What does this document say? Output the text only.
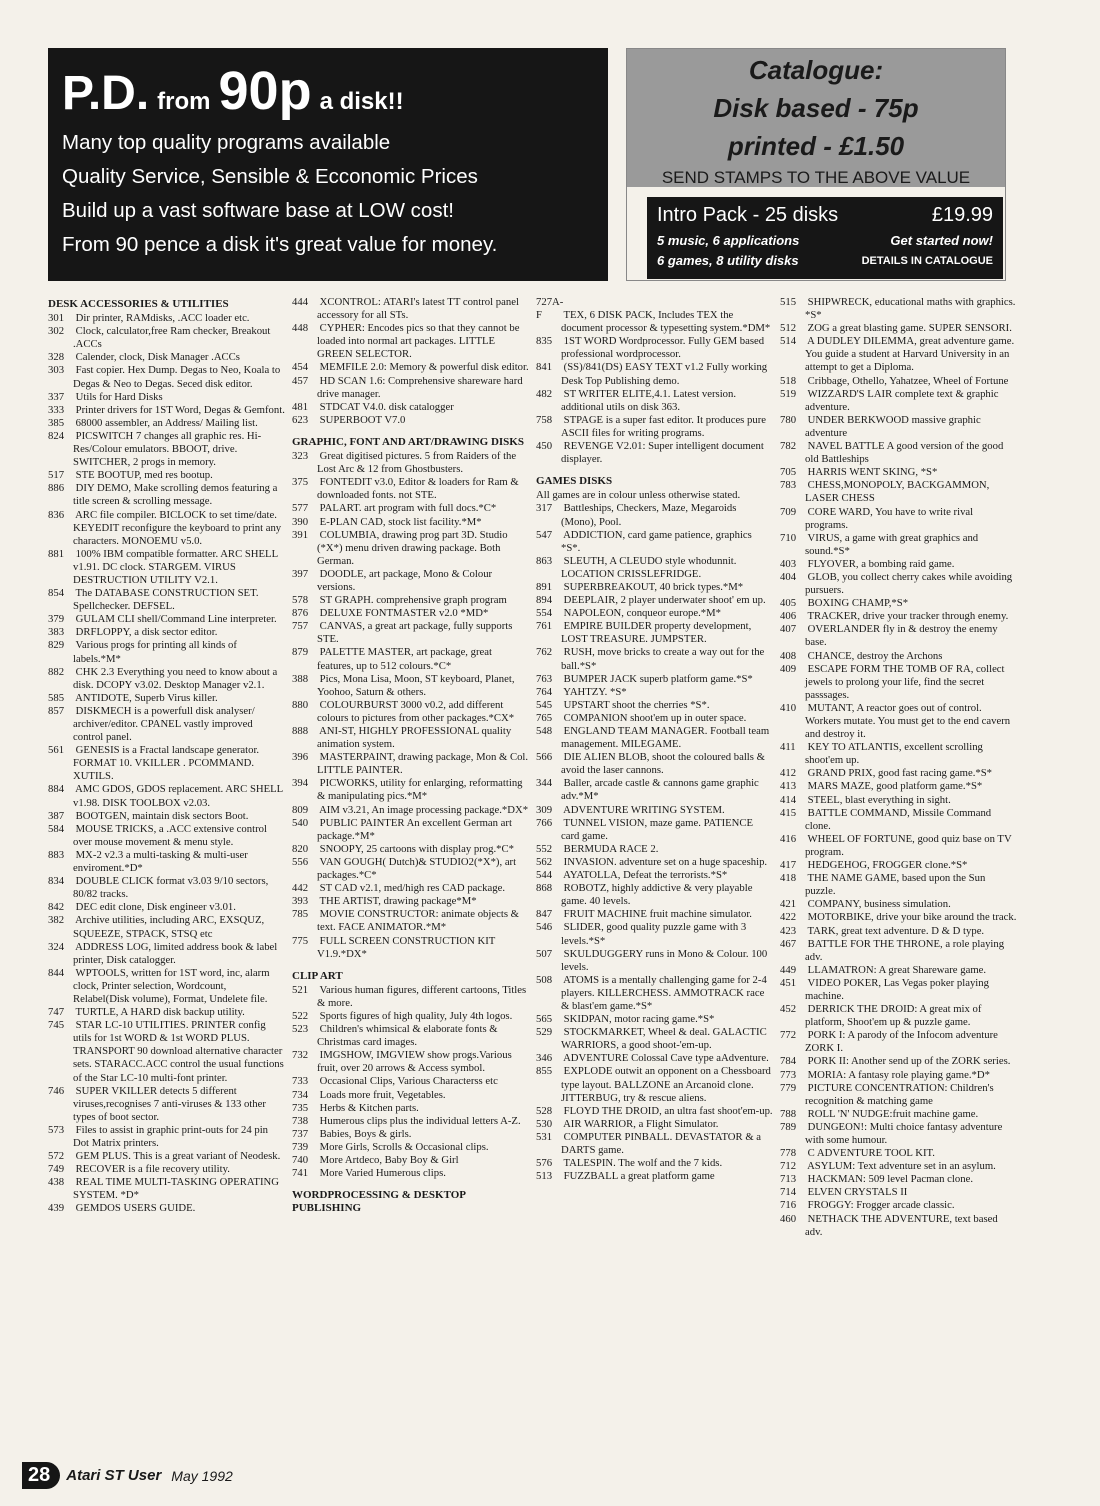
P.D. from 90p a disk!!
Many top quality programs available
Quality Service, Sensible & Ecconomic Prices
Build up a vast software base at LOW cost!
From 90 pence a disk it's great value for money.
Catalogue:
Disk based - 75p
printed - £1.50
SEND STAMPS TO THE ABOVE VALUE
Intro Pack - 25 disks	£19.99
5 music, 6 applications	Get started now!
6 games, 8 utility disks	DETAILS IN CATALOGUE
DESK ACCESSORIES & UTILITIES
301 Dir printer, RAMdisks, .ACC loader etc.
302 Clock, calculator,free Ram checker, Breakout .ACCs
328 Calender, clock, Disk Manager .ACCs
303 Fast copier. Hex Dump. Degas to Neo, Koala to Degas & Neo to Degas. Seced disk editor.
337 Utils for Hard Disks
333 Printer drivers for 1ST Word, Degas & Gemfont.
385 68000 assembler, an Address/ Mailing list.
824 PICSWITCH 7 changes all graphic res. Hi-Res/Colour emulators. BBOOT, drive. SWITCHER, 2 progs in memory.
517 STE BOOTUP, med res bootup.
886 DIY DEMO, Make scrolling demos featuring a title screen & scrolling message.
836 ARC file compiler. BICLOCK to set time/date. KEYEDIT reconfigure the keyboard to print any characters. MONOEMU v5.0.
881 100% IBM compatible formatter. ARC SHELL v1.91. DC clock. STARGEM. VIRUS DESTRUCTION UTILITY V2.1.
854 The DATABASE CONSTRUCTION SET. Spellchecker. DEFSEL.
379 GULAM CLI shell/Command Line interpreter.
383 DRFLOPPY, a disk sector editor.
829 Various progs for printing all kinds of labels.*M*
882 CHK 2.3 Everything you need to know about a disk. DCOPY v3.02. Desktop Manager v2.1.
585 ANTIDOTE, Superb Virus killer.
857 DISKMECH is a powerfull disk analyser/ archiver/editor. CPANEL vastly improved control panel.
561 GENESIS is a Fractal landscape generator. FORMAT 10. VKILLER . PCOMMAND. XUTILS.
884 AMC GDOS, GDOS replacement. ARC SHELL v1.98. DISK TOOLBOX v2.03.
387 BOOTGEN, maintain disk sectors Boot.
584 MOUSE TRICKS, a .ACC extensive control over mouse movement & menu style.
883 MX-2 v2.3 a multi-tasking & multi-user enviroment.*D*
834 DOUBLE CLICK format v3.03 9/10 sectors, 80/82 tracks.
842 DEC edit clone, Disk engineer v3.01.
382 Archive utilities, including ARC, EXSQUZ, SQUEEZE, STPACK, STSQ etc
324 ADDRESS LOG, limited address book & label printer, Disk catalogger.
844 WPTOOLS, written for 1ST word, inc, alarm clock, Printer selection, Wordcount, Relabel(Disk volume), Format, Undelete file.
747 TURTLE, A HARD disk backup utility.
745 STAR LC-10 UTILITIES. PRINTER config utils for 1st WORD & 1st WORD PLUS. TRANSPORT 90 download alternative character sets. STARACC.ACC control the usual functions of the Star LC-10 multi-font printer.
746 SUPER VKILLER detects 5 different viruses,recognises 7 anti-viruses & 133 other types of boot sector.
573 Files to assist in graphic print-outs for 24 pin Dot Matrix printers.
572 GEM PLUS. This is a great variant of Neodesk.
749 RECOVER is a file recovery utility.
438 REAL TIME MULTI-TASKING OPERATING SYSTEM. *D*
439 GEMDOS USERS GUIDE.
444 XCONTROL: ATARI's latest TT control panel accessory for all STs.
448 CYPHER: Encodes pics so that they cannot be loaded into normal art packages. LITTLE GREEN SELECTOR.
454 MEMFILE 2.0: Memory & powerful disk editor.
457 HD SCAN 1.6: Comprehensive shareware hard drive manager.
481 STDCAT V4.0. disk catalogger
623 SUPERBOOT V7.0
GRAPHIC, FONT AND ART/DRAWING DISKS
323 Great digitised pictures. 5 from Raiders of the Lost Arc & 12 from Ghostbusters.
375 FONTEDIT v3.0, Editor & loaders for Ram & downloaded fonts. not STE.
577 PALART. art program with full docs.*C*
390 E-PLAN CAD, stock list facility.*M*
391 COLUMBIA, drawing prog part 3D. Studio (*X*) menu driven drawing package. Both German.
397 DOODLE, art package, Mono & Colour versions.
578 ST GRAPH. comprehensive graph program
876 DELUXE FONTMASTER v2.0 *MD*
757 CANVAS, a great art package, fully supports STE.
879 PALETTE MASTER, art package, great features, up to 512 colours.*C*
388 Pics, Mona Lisa, Moon, ST keyboard, Planet, Yoohoo, Saturn & others.
880 COLOURBURST 3000 v0.2, add different colours to pictures from other packages.*CX*
888 ANI-ST, HIGHLY PROFESSIONAL quality animation system.
396 MASTERPAINT, drawing package, Mon & Col. LITTLE PAINTER.
394 PICWORKS, utility for enlarging, reformatting & manipulating pics.*M*
809 AIM v3.21, An image processing package.*DX*
540 PUBLIC PAINTER An excellent German art package.*M*
820 SNOOPY, 25 cartoons with display prog.*C*
556 VAN GOUGH( Dutch)& STUDIO2(*X*), art packages.*C*
442 ST CAD v2.1, med/high res CAD package.
393 THE ARTIST, drawing package*M*
785 MOVIE CONSTRUCTOR: animate objects & text. FACE ANIMATOR.*M*
775 FULL SCREEN CONSTRUCTION KIT V1.9.*DX*
CLIP ART
521 Various human figures, different cartoons, Titles & more.
522 Sports figures of high quality, July 4th logos.
523 Children's whimsical & elaborate fonts & Christmas card images.
732 IMGSHOW, IMGVIEW show progs.Various fruit, over 20 arrows & Access symbol.
733 Occasional Clips, Various Characterss etc
734 Loads more fruit, Vegetables.
735 Herbs & Kitchen parts.
738 Humerous clips plus the individual letters A-Z.
737 Babies, Boys & girls.
739 More Girls, Scrolls & Occasional clips.
740 More Artdeco, Baby Boy & Girl
741 More Varied Humerous clips.
WORDPROCESSING & DESKTOP PUBLISHING
727A-F TEX, 6 DISK PACK, Includes TEX the document processor & typesetting system.*DM*
835 1ST WORD Wordprocessor. Fully GEM based professional wordprocessor.
841 (SS)/841(DS) EASY TEXT v1.2 Fully working Desk Top Publishing demo.
482 ST WRITER ELITE,4.1. Latest version. additional utils on disk 363.
758 STPAGE is a super fast editor. It produces pure ASCII files for writing programs.
450 REVENGE V2.01: Super intelligent document displayer.
GAMES DISKS
All games are in colour unless otherwise stated.
317 Battleships, Checkers, Maze, Megaroids (Mono), Pool.
547 ADDICTION, card game patience, graphics *S*.
863 SLEUTH, A CLEUDO style whodunnit. LOCATION CRISSLEFRIDGE.
891 SUPERBREAKOUT, 40 brick types.*M*
894 DEEPLAIR, 2 player underwater shoot' em up.
554 NAPOLEON, conqueor europe.*M*
761 EMPIRE BUILDER property development, LOST TREASURE. JUMPSTER.
762 RUSH, move bricks to create a way out for the ball.*S*
763 BUMPER JACK superb platform game.*S*
764 YAHTZY. *S*
545 UPSTART shoot the cherries *S*.
765 COMPANION shoot'em up in outer space.
548 ENGLAND TEAM MANAGER. Football team management. MILEGAME.
566 DIE ALIEN BLOB, shoot the coloured balls & avoid the laser cannons.
344 Baller, arcade castle & cannons game graphic adv.*M*
309 ADVENTURE WRITING SYSTEM.
766 TUNNEL VISION, maze game. PATIENCE card game.
552 BERMUDA RACE 2.
562 INVASION. adventure set on a huge spaceship.
544 AYATOLLA, Defeat the terrorists.*S*
868 ROBOTZ, highly addictive & very playable game. 40 levels.
847 FRUIT MACHINE fruit machine simulator.
546 SLIDER, good quality puzzle game with 3 levels.*S*
507 SKULDUGGERY runs in Mono & Colour. 100 levels.
508 ATOMS is a mentally challenging game for 2-4 players. KILLERCHESS. AMMOTRACK race & blast'em game.*S*
565 SKIDPAN, motor racing game.*S*
529 STOCKMARKET, Wheel & deal. GALACTIC WARRIORS, a good shoot-'em-up.
346 ADVENTURE Colossal Cave type aAdventure.
855 EXPLODE outwit an opponent on a Chessboard type layout. BALLZONE an Arcanoid clone. JITTERBUG, try & rescue aliens.
528 FLOYD THE DROID, an ultra fast shoot'em-up.
530 AIR WARRIOR, a Flight Simulator.
531 COMPUTER PINBALL. DEVASTATOR & a DARTS game.
576 TALESPIN. The wolf and the 7 kids.
513 FUZZBALL a great platform game
515 SHIPWRECK, educational maths with graphics. *S*
512 ZOG a great blasting game. SUPER SENSORI.
514 A DUDLEY DILEMMA, great adventure game. You guide a student at Harvard University in an attempt to get a Diploma.
518 Cribbage, Othello, Yahatzee, Wheel of Fortune
519 WIZZARD'S LAIR complete text & graphic adventure.
780 UNDER BERKWOOD massive graphic adventure
782 NAVEL BATTLE A good version of the good old Battleships
705 HARRIS WENT SKING, *S*
783 CHESS,MONOPOLY, BACKGAMMON, LASER CHESS
709 CORE WARD, You have to write rival programs.
710 VIRUS, a game with great graphics and sound.*S*
403 FLYOVER, a bombing raid game.
404 GLOB, you collect cherry cakes while avoiding pursuers.
405 BOXING CHAMP,*S*
406 TRACKER, drive your tracker through enemy.
407 OVERLANDER fly in & destroy the enemy base.
408 CHANCE, destroy the Archons
409 ESCAPE FORM THE TOMB OF RA, collect jewels to prolong your life, find the secret passsages.
410 MUTANT, A reactor goes out of control. Workers mutate. You must get to the end cavern and destroy it.
411 KEY TO ATLANTIS, excellent scrolling shoot'em up.
412 GRAND PRIX, good fast racing game.*S*
413 MARS MAZE, good platform game.*S*
414 STEEL, blast everything in sight.
415 BATTLE COMMAND, Missile Command clone.
416 WHEEL OF FORTUNE, good quiz base on TV program.
417 HEDGEHOG, FROGGER clone.*S*
418 THE NAME GAME, based upon the Sun puzzle.
421 COMPANY, business simulation.
422 MOTORBIKE, drive your bike around the track.
423 TARK, great text adventure. D & D type.
467 BATTLE FOR THE THRONE, a role playing adv.
449 LLAMATRON: A great Shareware game.
451 VIDEO POKER, Las Vegas poker playing machine.
452 DERRICK THE DROID: A great mix of platform, Shoot'em up & puzzle game.
772 PORK I: A parody of the Infocom adventure ZORK I.
784 PORK II: Another send up of the ZORK series.
773 MORIA: A fantasy role playing game.*D*
779 PICTURE CONCENTRATION: Children's recognition & matching game
788 ROLL 'N' NUDGE:fruit machine game.
789 DUNGEON!: Multi choice fantasy adventure with some humour.
778 C ADVENTURE TOOL KIT.
712 ASYLUM: Text adventure set in an asylum.
713 HACKMAN: 509 level Pacman clone.
714 ELVEN CRYSTALS II
716 FROGGY: Frogger arcade classic.
460 NETHACK THE ADVENTURE, text based adv.
28	Atari ST User May 1992
